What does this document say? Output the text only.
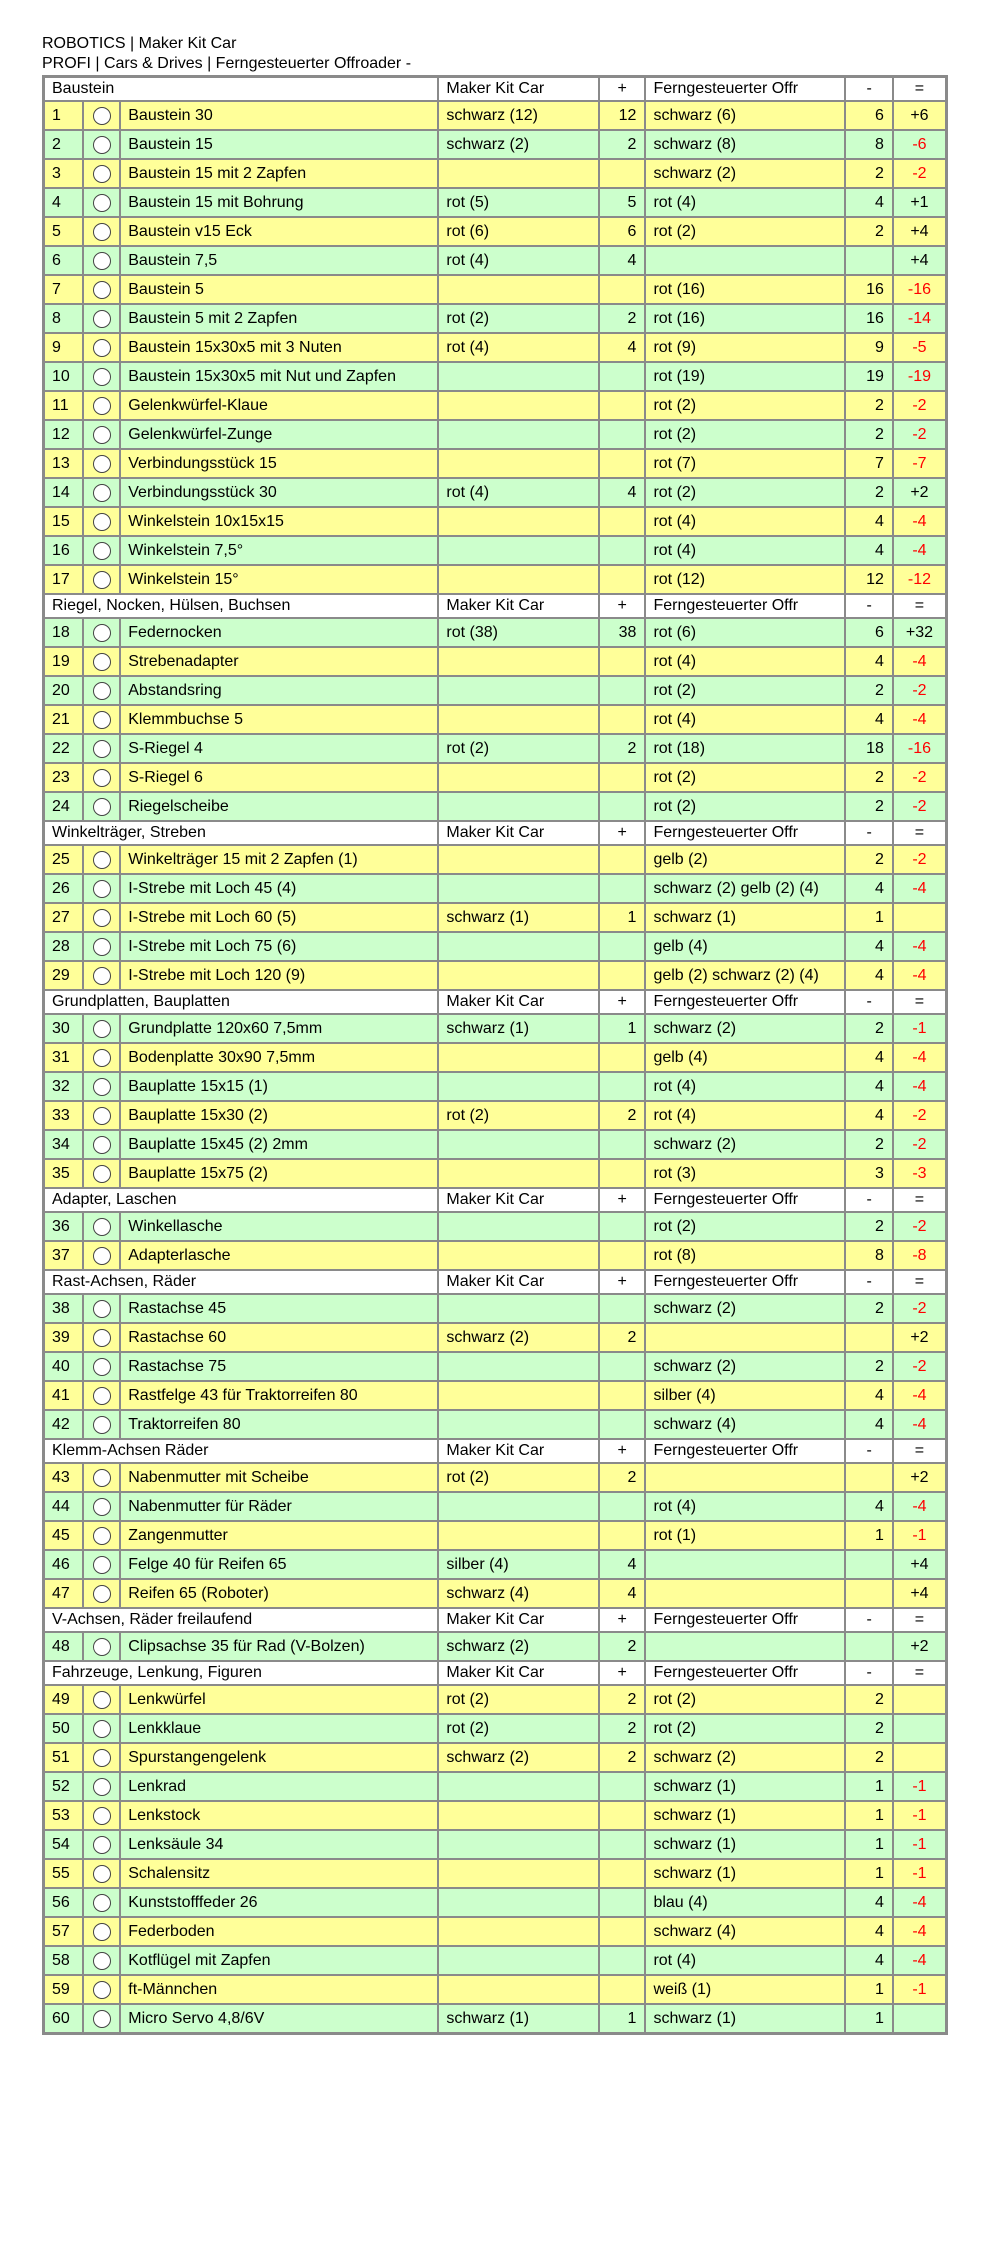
ROBOTICS | Maker Kit Car
PROFI | Cars & Drives | Ferngesteuerter Offroader -
Baustein			Maker Kit Car	+	Ferngesteuerter Offr	-	=
1		Baustein 30	schwarz (12)	12	schwarz (6)	6	+6
2		Baustein 15	schwarz (2)	2	schwarz (8)	8	-6
3		Baustein 15 mit 2 Zapfen			schwarz (2)	2	-2
4		Baustein 15 mit Bohrung	rot (5)	5	rot (4)	4	+1
5		Baustein v15 Eck	rot (6)	6	rot (2)	2	+4
6		Baustein 7,5	rot (4)	4			+4
7		Baustein 5			rot (16)	16	-16
8		Baustein 5 mit 2 Zapfen	rot (2)	2	rot (16)	16	-14
9		Baustein 15x30x5 mit 3 Nuten	rot (4)	4	rot (9)	9	-5
10		Baustein 15x30x5 mit Nut und Zapfen			rot (19)	19	-19
11		Gelenkwürfel-Klaue			rot (2)	2	-2
12		Gelenkwürfel-Zunge			rot (2)	2	-2
13		Verbindungsstück 15			rot (7)	7	-7
14		Verbindungsstück 30	rot (4)	4	rot (2)	2	+2
15		Winkelstein 10x15x15			rot (4)	4	-4
16		Winkelstein 7,5°			rot (4)	4	-4
17		Winkelstein 15°			rot (12)	12	-12
Riegel, Nocken, Hülsen, Buchsen			Maker Kit Car	+	Ferngesteuerter Offr	-	=
18		Federnocken	rot (38)	38	rot (6)	6	+32
19		Strebenadapter			rot (4)	4	-4
20		Abstandsring			rot (2)	2	-2
21		Klemmbuchse 5			rot (4)	4	-4
22		S-Riegel 4	rot (2)	2	rot (18)	18	-16
23		S-Riegel 6			rot (2)	2	-2
24		Riegelscheibe			rot (2)	2	-2
Winkelträger, Streben			Maker Kit Car	+	Ferngesteuerter Offr	-	=
25		Winkelträger 15 mit 2 Zapfen (1)			gelb (2)	2	-2
26		I-Strebe mit Loch 45 (4)			schwarz (2) gelb (2) (4)	4	-4
27		I-Strebe mit Loch 60 (5)	schwarz (1)	1	schwarz (1)	1	
28		I-Strebe mit Loch 75 (6)			gelb (4)	4	-4
29		I-Strebe mit Loch 120 (9)			gelb (2) schwarz (2) (4)	4	-4
Grundplatten, Bauplatten			Maker Kit Car	+	Ferngesteuerter Offr	-	=
30		Grundplatte 120x60 7,5mm	schwarz (1)	1	schwarz (2)	2	-1
31		Bodenplatte 30x90 7,5mm			gelb (4)	4	-4
32		Bauplatte 15x15 (1)			rot (4)	4	-4
33		Bauplatte 15x30 (2)	rot (2)	2	rot (4)	4	-2
34		Bauplatte 15x45 (2) 2mm			schwarz (2)	2	-2
35		Bauplatte 15x75 (2)			rot (3)	3	-3
Adapter, Laschen			Maker Kit Car	+	Ferngesteuerter Offr	-	=
36		Winkellasche			rot (2)	2	-2
37		Adapterlasche			rot (8)	8	-8
Rast-Achsen, Räder			Maker Kit Car	+	Ferngesteuerter Offr	-	=
38		Rastachse 45			schwarz (2)	2	-2
39		Rastachse 60	schwarz (2)	2			+2
40		Rastachse 75			schwarz (2)	2	-2
41		Rastfelge 43 für Traktorreifen 80			silber (4)	4	-4
42		Traktorreifen 80			schwarz (4)	4	-4
Klemm-Achsen Räder			Maker Kit Car	+	Ferngesteuerter Offr	-	=
43		Nabenmutter mit Scheibe	rot (2)	2			+2
44		Nabenmutter für Räder			rot (4)	4	-4
45		Zangenmutter			rot (1)	1	-1
46		Felge 40 für Reifen 65	silber (4)	4			+4
47		Reifen 65 (Roboter)	schwarz (4)	4			+4
V-Achsen, Räder freilaufend			Maker Kit Car	+	Ferngesteuerter Offr	-	=
48		Clipsachse 35 für Rad (V-Bolzen)	schwarz (2)	2			+2
Fahrzeuge, Lenkung, Figuren			Maker Kit Car	+	Ferngesteuerter Offr	-	=
49		Lenkwürfel	rot (2)	2	rot (2)	2	
50		Lenkklaue	rot (2)	2	rot (2)	2	
51		Spurstangengelenk	schwarz (2)	2	schwarz (2)	2	
52		Lenkrad			schwarz (1)	1	-1
53		Lenkstock			schwarz (1)	1	-1
54		Lenksäule 34			schwarz (1)	1	-1
55		Schalensitz			schwarz (1)	1	-1
56		Kunststofffeder 26			blau (4)	4	-4
57		Federboden			schwarz (4)	4	-4
58		Kotflügel mit Zapfen			rot (4)	4	-4
59		ft-Männchen			weiß (1)	1	-1
60		Micro Servo 4,8/6V	schwarz (1)	1	schwarz (1)	1	
